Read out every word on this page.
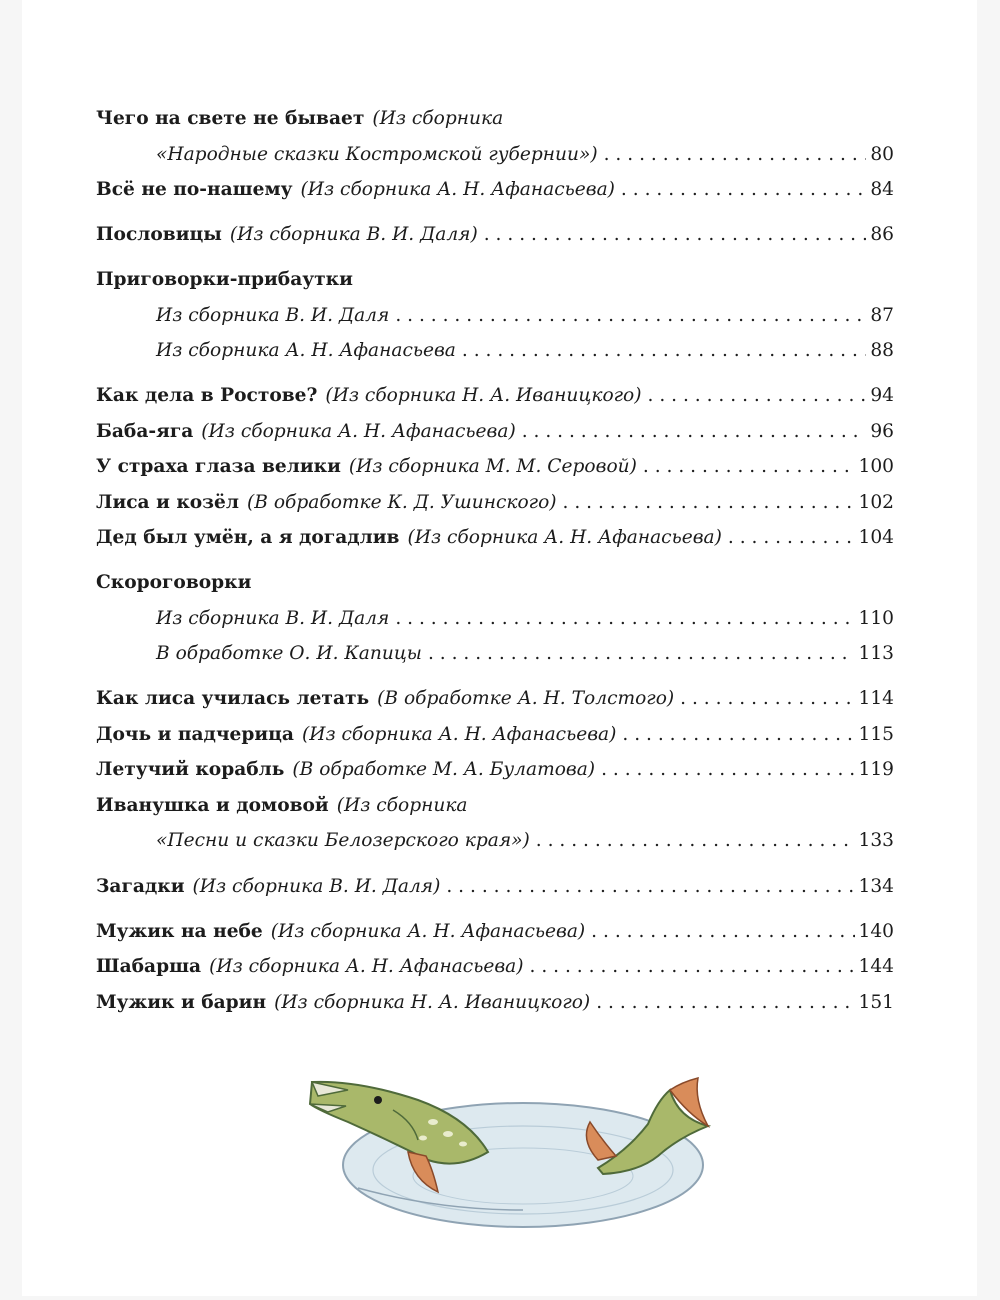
Чего на свете не бывает (Из сборника
«Народные сказки Костромской губернии») . . .	80
Всё не по-нашему (Из сборника А. Н. Афанасьева) . . .	84
Пословицы (Из сборника В. И. Даля) . . .	86
Приговорки-прибаутки
Из сборника В. И. Даля . . .	87
Из сборника А. Н. Афанасьева . . .	88
Как дела в Ростове? (Из сборника Н. А. Иваницкого) . . .	94
Баба-яга (Из сборника А. Н. Афанасьева) . . .	96
У страха глаза велики (Из сборника М. М. Серовой) . . .	100
Лиса и козёл (В обработке К. Д. Ушинского) . . .	102
Дед был умён, а я догадлив (Из сборника А. Н. Афанасьева) . . .	104
Скороговорки
Из сборника В. И. Даля . . .	110
В обработке О. И. Капицы . . .	113
Как лиса училась летать (В обработке А. Н. Толстого) . . .	114
Дочь и падчерица (Из сборника А. Н. Афанасьева) . . .	115
Летучий корабль (В обработке М. А. Булатова) . . .	119
Иванушка и домовой (Из сборника
«Песни и сказки Белозерского края») . . .	133
Загадки (Из сборника В. И. Даля) . . .	134
Мужик на небе (Из сборника А. Н. Афанасьева) . . .	140
Шабарша (Из сборника А. Н. Афанасьева) . . .	144
Мужик и барин (Из сборника Н. А. Иваницкого) . . .	151
